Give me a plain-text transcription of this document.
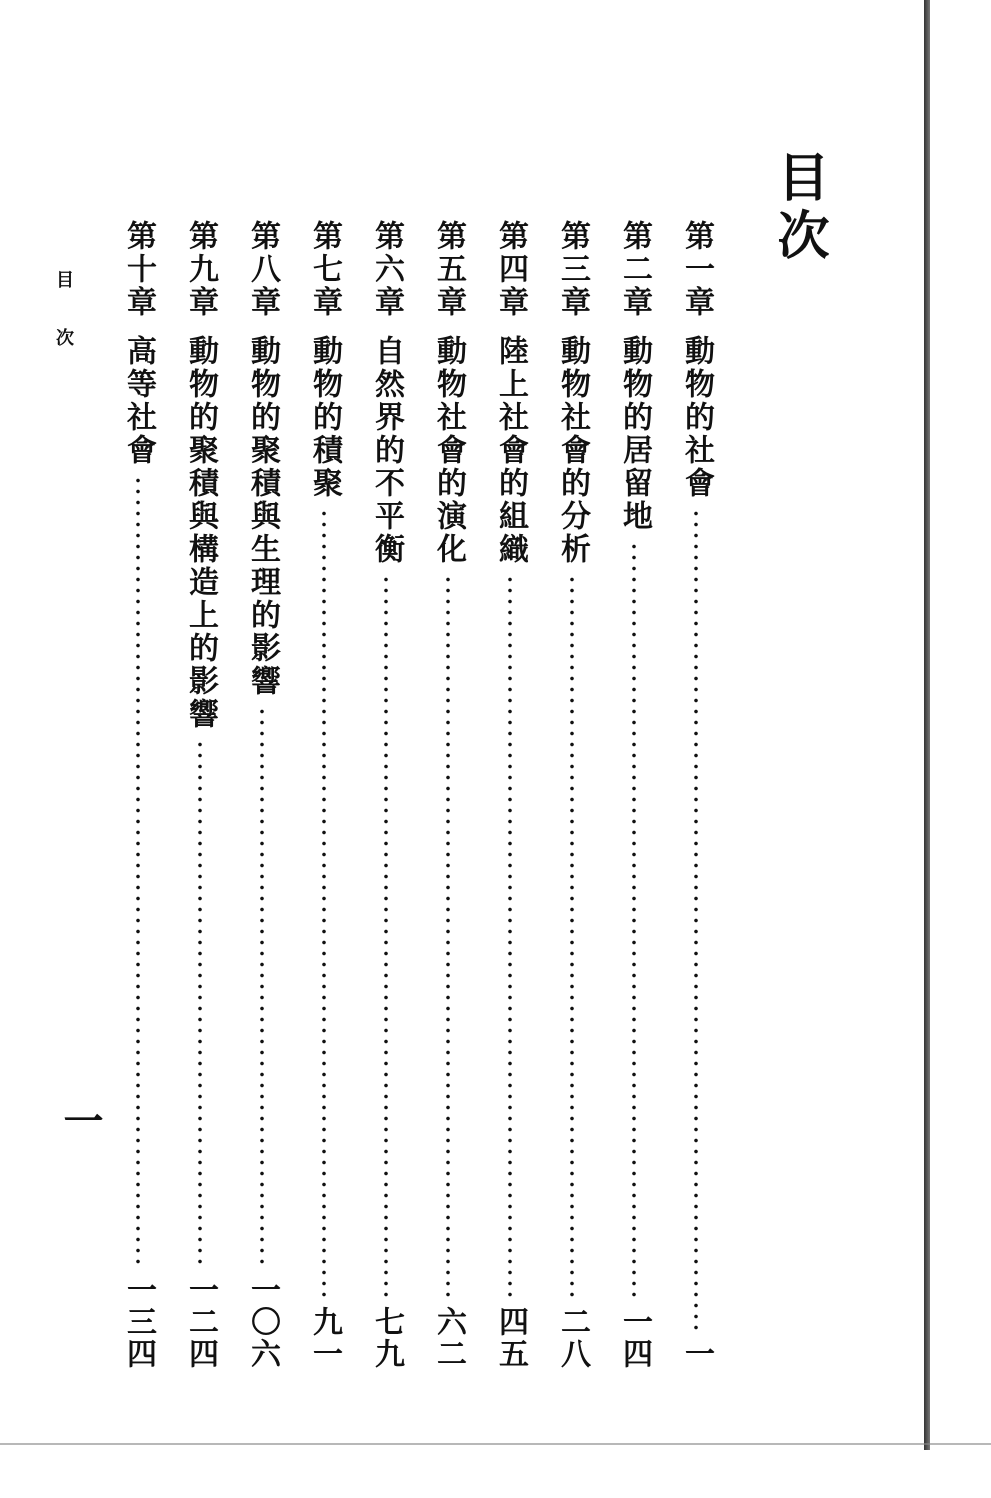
目次
第一章
動物的社會
一
第二章
動物的居留地
一四
第三章
動物社會的分析
二八
第四章
陸上社會的組織
四五
第五章
動物社會的演化
六二
第六章
自然界的不平衡
七九
第七章
動物的積聚
九一
第八章
動物的聚積與生理的影響
一〇六
第九章
動物的聚積與構造上的影響
一二四
第十章
高等社會
一三四
目次
一
